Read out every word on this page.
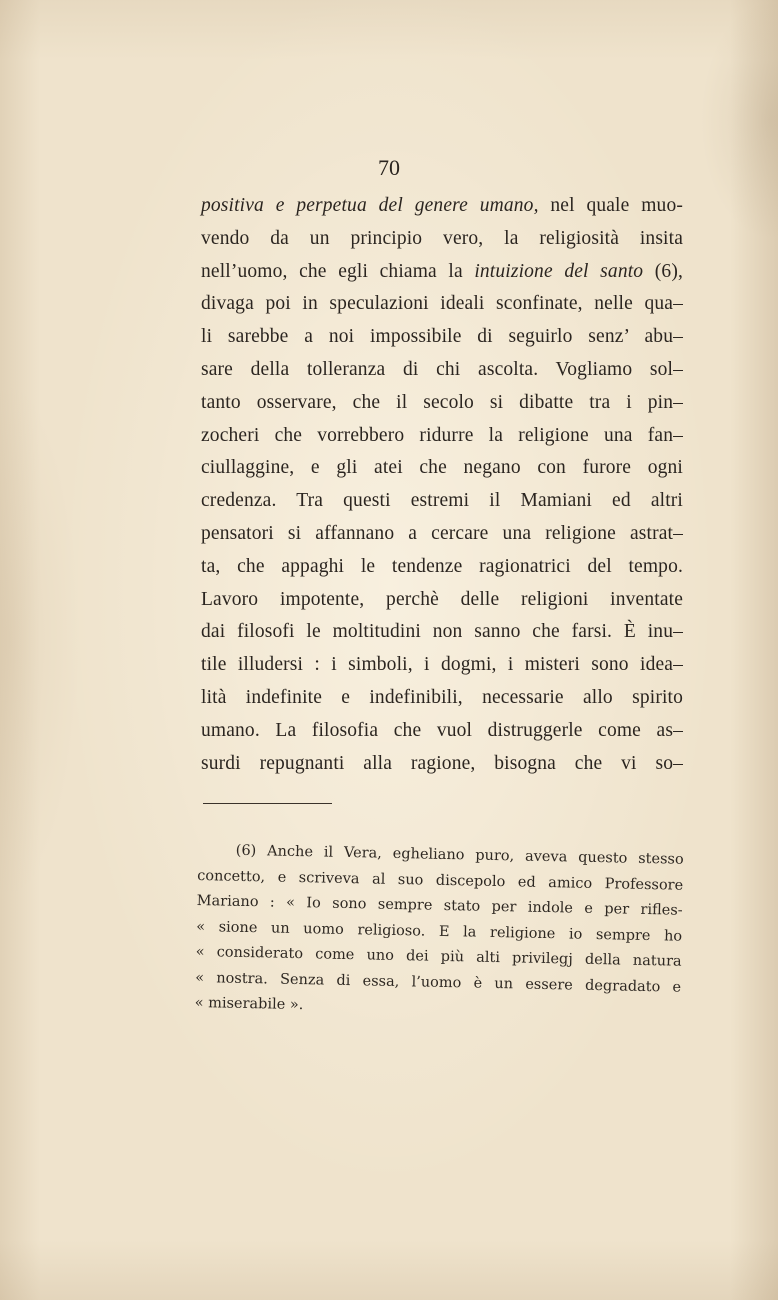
70
positiva e perpetua del genere umano, nel quale muo-
vendo da un principio vero, la religiosità insita
nell’uomo, che egli chiama la intuizione del santo (6),
divaga poi in speculazioni ideali sconfinate, nelle qua–
li sarebbe a noi impossibile di seguirlo senz’ abu–
sare della tolleranza di chi ascolta. Vogliamo sol–
tanto osservare, che il secolo si dibatte tra i pin–
zocheri che vorrebbero ridurre la religione una fan–
ciullaggine, e gli atei che negano con furore ogni
credenza. Tra questi estremi il Mamiani ed altri
pensatori si affannano a cercare una religione astrat–
ta, che appaghi le tendenze ragionatrici del tempo.
Lavoro impotente, perchè delle religioni inventate
dai filosofi le moltitudini non sanno che farsi. È inu–
tile illudersi : i simboli, i dogmi, i misteri sono idea–
lità indefinite e indefinibili, necessarie allo spirito
umano. La filosofia che vuol distruggerle come as–
surdi repugnanti alla ragione, bisogna che vi so–
(6) Anche il Vera, egheliano puro, aveva questo stesso
concetto, e scriveva al suo discepolo ed amico Professore
Mariano : « Io sono sempre stato per indole e per rifles-
« sione un uomo religioso. E la religione io sempre ho
« considerato come uno dei più alti privilegj della natura
« nostra. Senza di essa, l’uomo è un essere degradato e
« miserabile ».
